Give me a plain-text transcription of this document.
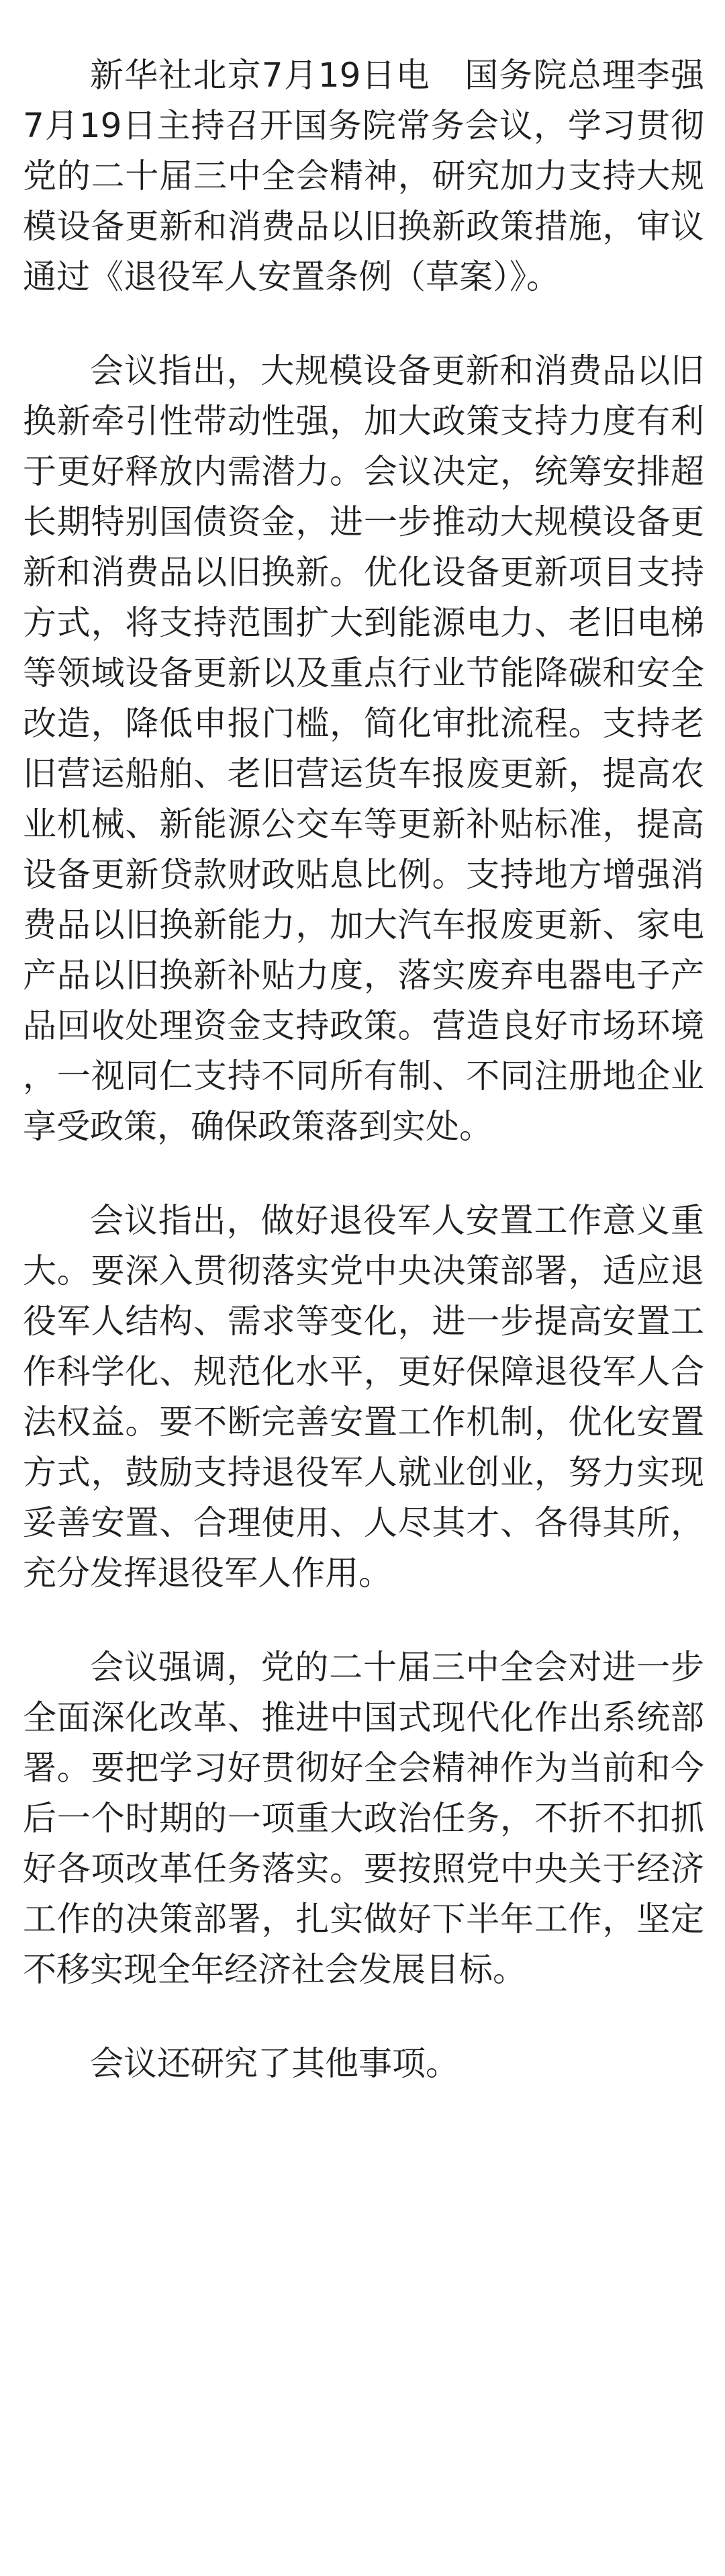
新华社北京7月19日电　国务院总理李强7月19日主持召开国务院常务会议，学习贯彻党的二十届三中全会精神，研究加力支持大规模设备更新和消费品以旧换新政策措施，审议通过《退役军人安置条例（草案）》。

会议指出，大规模设备更新和消费品以旧换新牵引性带动性强，加大政策支持力度有利于更好释放内需潜力。会议决定，统筹安排超长期特别国债资金，进一步推动大规模设备更新和消费品以旧换新。优化设备更新项目支持方式，将支持范围扩大到能源电力、老旧电梯等领域设备更新以及重点行业节能降碳和安全改造，降低申报门槛，简化审批流程。支持老旧营运船舶、老旧营运货车报废更新，提高农业机械、新能源公交车等更新补贴标准，提高设备更新贷款财政贴息比例。支持地方增强消费品以旧换新能力，加大汽车报废更新、家电产品以旧换新补贴力度，落实废弃电器电子产品回收处理资金支持政策。营造良好市场环境，一视同仁支持不同所有制、不同注册地企业享受政策，确保政策落到实处。

会议指出，做好退役军人安置工作意义重大。要深入贯彻落实党中央决策部署，适应退役军人结构、需求等变化，进一步提高安置工作科学化、规范化水平，更好保障退役军人合法权益。要不断完善安置工作机制，优化安置方式，鼓励支持退役军人就业创业，努力实现妥善安置、合理使用、人尽其才、各得其所，充分发挥退役军人作用。

会议强调，党的二十届三中全会对进一步全面深化改革、推进中国式现代化作出系统部署。要把学习好贯彻好全会精神作为当前和今后一个时期的一项重大政治任务，不折不扣抓好各项改革任务落实。要按照党中央关于经济工作的决策部署，扎实做好下半年工作，坚定不移实现全年经济社会发展目标。

会议还研究了其他事项。
